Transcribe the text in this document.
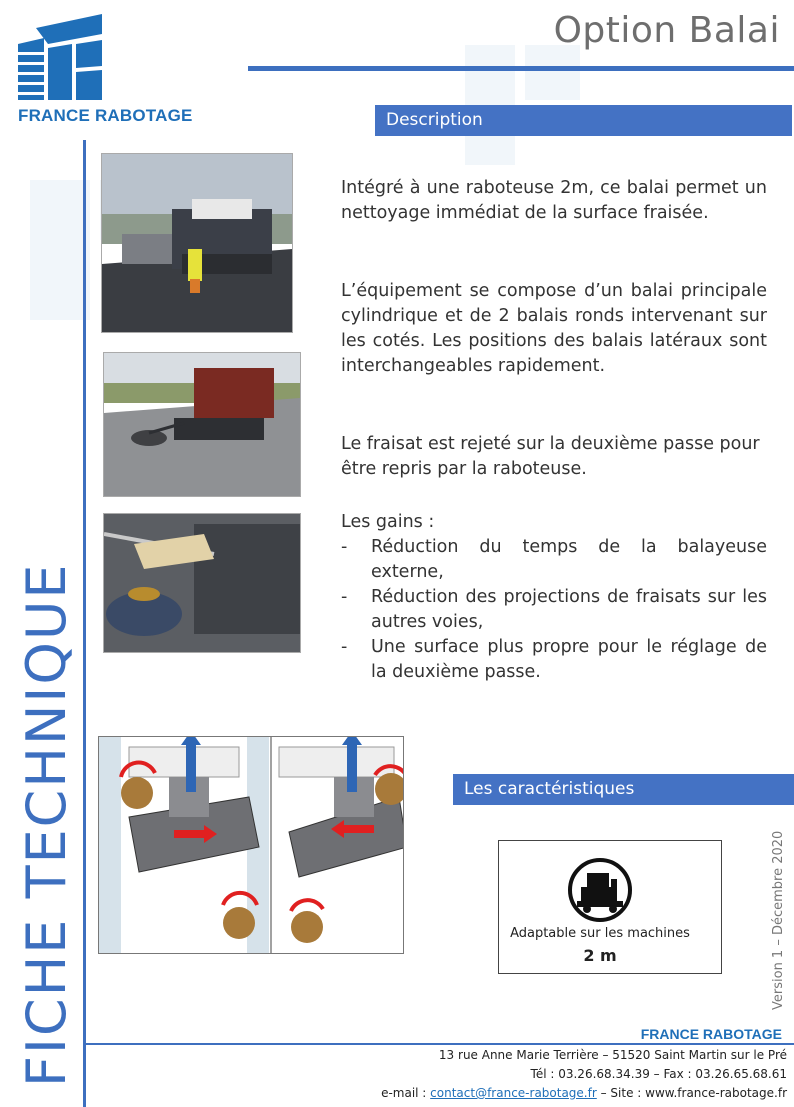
FRANCE RABOTAGE
Option Balai
FICHE TECHNIQUE
Description
Intégré à une raboteuse 2m, ce balai permet un nettoyage immédiat de la surface fraisée.
L’équipement se compose d’un balai principale cylindrique et de 2 balais ronds intervenant sur les cotés. Les positions des balais latéraux sont interchangeables rapidement.
Le fraisat est rejeté sur la deuxième passe pour être repris par la raboteuse.
Les gains :
- Réduction du temps de la balayeuse externe,
- Réduction des projections de fraisats sur les autres voies,
- Une surface plus propre pour le réglage de la deuxième passe.
Les caractéristiques
Adaptable sur les machines
2 m	Version 1 – Décembre 2020
FRANCE RABOTAGE
13 rue Anne Marie Terrière – 51520 Saint Martin sur le Pré
Tél : 03.26.68.34.39 – Fax : 03.26.65.68.61
e-mail : contact@france-rabotage.fr – Site : www.france-rabotage.fr
